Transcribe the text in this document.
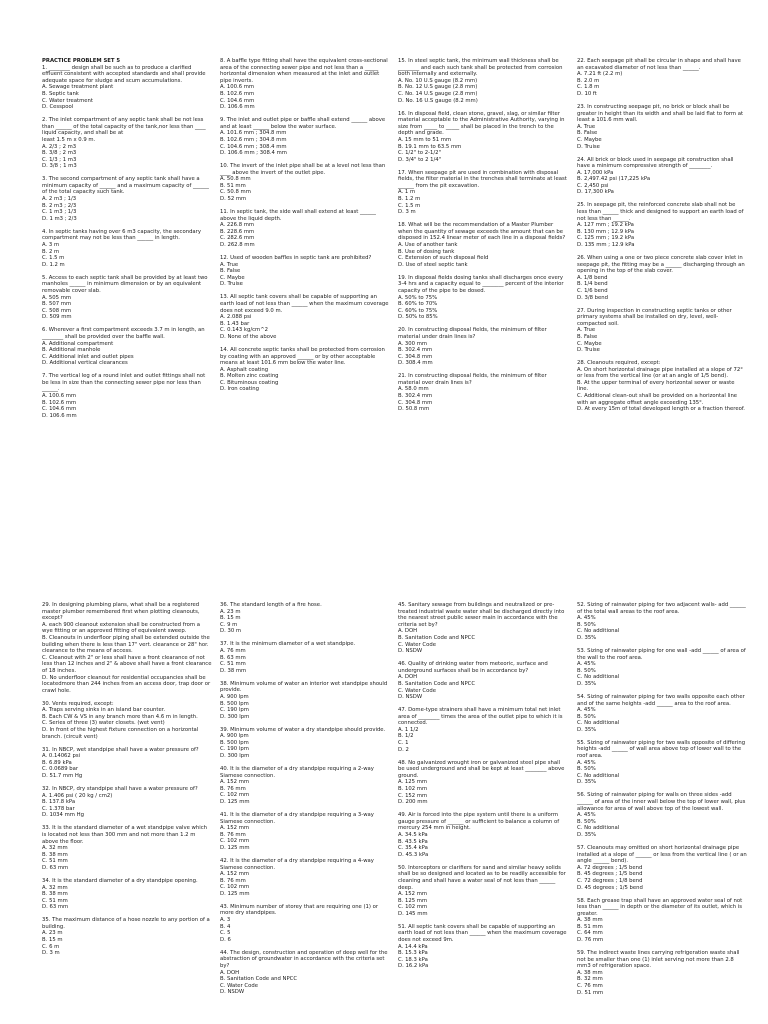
PRACTICE PROBLEM SET 5
1. ________ design shall be such as to produce a clarified effluent consistent with accepted standards and shall provide adequate space for sludge and scum accumulations.
A. Sewage treatment plant
B. Septic tank
C. Water treatment
D. Cesspool
2. The inlet compartment of any septic tank shall be not less than ______ of the total capacity of the tank,nor less than ____ liquid capacity, and shall be at
least 1.5 m x 0.9 m.
A. 2/3 ; 2 m3
B. 3/8 ; 2 m3
C. 1/3 ; 1 m3
D. 3/8 ; 1 m3
3. The second compartment of any septic tank shall have a minimum capacity of ______ and a maximum capacity of ______ of the total capacity such tank.
A. 2 m3 ; 1/3
B. 2 m3 ; 2/3
C. 1 m3 ; 1/3
D. 1 m3 ; 2/3
4. In septic tanks having over 6 m3 capacity, the secondary compartment may not be less than ______ in length.
A. 3 m
B. 2 m
C. 1.5 m
D. 1.2 m
5. Access to each septic tank shall be provided by at least two manholes ______ in minimum dimension or by an equivalent removable cover slab.
A. 505 mm
B. 507 mm
C. 508 mm
D. 509 mm
6. Wherever a first compartment exceeds 3.7 m in length, an ________ shall be provided over the baffle wall.
A. Additional compartment
B. Additional manhole
C. Additional inlet and outlet pipes
D. Additional vertical clearances
7. The vertical leg of a round inlet and outlet fittings shall not be less in size than the connecting sewer pipe nor less than ______.
A. 100.6 mm
B. 102.6 mm
C. 104.6 mm
D. 106.6 mm
8. A baffle type fitting shall have the equivalent cross-sectional area of the connecting sewer pipe and not less than a _____ horizontal dimension when measured at the inlet and outlet pipe inverts.
A. 100.6 mm
B. 102.6 mm
C. 104.6 mm
D. 106.6 mm
9. The inlet and outlet pipe or baffle shall extend ______ above and at least ______ below the water surface.
A. 101.6 mm ; 304.8 mm
B. 102.6 mm ; 304.8 mm
C. 104.6 mm ; 308.4 mm
D. 106.6 mm ; 308.4 mm
10. The invert of the inlet pipe shall be at a level not less than ____ above the invert of the outlet pipe.
A. 50.8 mm
B. 51 mm
C. 50.8 mm
D. 52 mm
11. In septic tank, the side wall shall extend at least ______ above the liquid depth.
A. 226.8 mm
B. 228.6 mm
C. 282.6 mm
D. 262.8 mm
12. Used of wooden baffles in septic tank are prohibited?
A. True
B. False
C. Maybe
D. Truise
13. All septic tank covers shall be capable of supporting an earth load of not less than ______ when the maximum coverage does not exceed 9.0 m.
A. 2.088 psi
B. 1.43 bar
C. 0.143 kg/cm^2
D. None of the above
14. All concrete septic tanks shall be protected from corrosion by coating with an approved ______ or by other acceptable means at least 101.6 mm below the water line.
A. Asphalt coating
B. Molten zinc coating
C. Bituminous coating
D. Iron coating
15. In steel septic tank, the minimum wall thickness shall be ________ and each such tank shall be protected from corrosion both internally and externally.
A. No. 10 U.S gauge (8.2 mm)
B. No. 12 U.S gauge (2.8 mm)
C. No. 14 U.S gauge (2.8 mm)
D. No. 16 U.S gauge (8.2 mm)
16. In disposal field, clean stone, gravel, slag, or similar filter material acceptable to the Administrative Authority, varying in size from _____ to _____ shall be placed in the trench to the depth and grade.
A. 15 mm to 51 mm
B. 19.1 mm to 63.5 mm
C. 1/2" to 2-1/2"
D. 3/4" to 2 1/4"
17. When seepage pit are used in combination with disposal fields, the filter material in the trenches shall terminate at least ______ from the pit excavation.
A. 1 m
B. 1.2 m
C. 1.5 m
D. 3 m
18. What will be the recommendation of a Master Plumber when the quantity of sewage exceeds the amount that can be disposed in 152.4 linear meter of each line in a disposal fields?
A. Use of another tank
B. Use of dosing tank
C. Extension of such disposal field
D. Use of steel septic tank
19. In disposal fields dosing tanks shall discharges once every 3-4 hrs and a capacity equal to ________ percent of the interior capacity of the pipe to be dosed.
A. 50% to 75%
B. 60% to 70%
C. 60% to 75%
D. 50% to 85%
20. In constructing disposal fields, the minimum of filter material under drain lines is?
A. 300 mm
B. 302.4 mm
C. 304.8 mm
D. 308.4 mm
21. In constructing disposal fields, the minimum of filter material over drain lines is?
A. 58.0 mm
B. 302.4 mm
C. 304.8 mm
D. 50.8 mm
22. Each seepage pit shall be circular in shape and shall have an excavated diameter of not less than ______.
A. 7.21 ft (2.2 m)
B. 2.0 m
C. 1.8 m
D. 10 ft
23. In constructing seepage pit, no brick or block shall be greater in height than its width and shall be laid flat to form at least a 101.6 mm wall.
A. True
B. False
C. Maybe
D. Truise
24. All brick or block used in seepage pit construction shall have a minimum compressive strength of ________.
A. 17,000 kPa
B. 2,497.42 psi (17,225 kPa
C. 2,450 psi
D. 17,300 kPa
25. In seepage pit, the reinforced concrete slab shall not be less than ______ thick and designed to support an earth load of not less than ______.
A. 127 mm ; 19.2 kPa
B. 130 mm ; 12.9 kPa
C. 125 mm ; 19.2 kPa
D. 135 mm ; 12.9 kPa
26. When using a one or two piece concrete slab cover inlet in seepage pit, the fitting may be a ______ discharging through an opening in the top of the slab cover.
A. 1/8 bend
B. 1/4 bend
C. 1/6 bend
D. 3/8 bend
27. During inspection in constructing septic tanks or other primary systems shall be installed on dry, level, well-compacted soil.
A. True
B. False
C. Maybe
D. Truise
28. Cleanouts required, except:
A. On short horizontal drainage pipe installed at a slope of 72° or less from the vertical line (or at an angle of 1/5 bend).
B. At the upper terminal of every horizontal sewer or waste line.
C. Additional clean-out shall be provided on a horizontal line with an aggregate offset angle exceeding 135°.
D. At every 15m of total developed length or a fraction thereof.
29. In designing plumbing plans, what shall be a registered master plumber remembered first when plotting cleanouts, except?
A. each 900 cleanout extension shall be constructed from a wye fitting or an approved fitting of equivalent sweep.
B. Cleanouts in underfloor piping shall be extended outside the building when there is less than 17" vert. clearance or 28" hor. clearance to the means of access.
C. Cleanout with 2" or less shall have a front clearance of not less than 12 inches and 2" & above shall have a front clearance of 18 inches.
D. No underfloor cleanout for residential occupancies shall be locatedmore than 244 inches from an access door, trap door or crawl hole.
30. Vents required, except:
A. Traps serving sinks in an island bar counter.
B. Each CW & VS in any branch more than 4.6 m in length.
C. Series of three (3) water closets. (wet vent)
D. In front of the highest fixture connection on a horizontal branch. (circuit vent)
31. In NBCP, wet standpipe shall have a water pressure of?
A. 0.14062 psi
B. 6.89 kPa
C. 0.0689 bar
D. 51.7 mm Hg
32. In NBCP, dry standpipe shall have a water pressure of?
A. 1.406 psi ( 20 kg / cm2)
B. 137.8 kPa
C. 1.378 bar
D. 1034 mm Hg
33. It is the standard diameter of a wet standpipe valve which is located not less than 300 mm and not more than 1.2 m above the floor.
A. 32 mm
B. 38 mm
C. 51 mm
D. 63 mm
34. It is the standard diameter of a dry standpipe opening.
A. 32 mm
B. 38 mm
C. 51 mm
D. 63 mm
35. The maximum distance of a hose nozzle to any portion of a building.
A. 23 m
B. 15 m
C. 6 m
D. 3 m
36. The standard length of a fire hose.
A. 23 m
B. 15 m
C. 9 m
D. 30 m
37. It is the minimum diameter of a wet standpipe.
A. 76 mm
B. 63 mm
C. 51 mm
D. 38 mm
38. Minimum volume of water an interior wet standpipe should provide.
A. 900 lpm
B. 500 lpm
C. 190 lpm
D. 300 lpm
39. Minimum volume of water a dry standpipe should provide.
A. 900 lpm
B. 500 lpm
C. 190 lpm
D. 300 lpm
40. It is the diameter of a dry standpipe requiring a 2-way Siamese connection.
A. 152 mm
B. 76 mm
C. 102 mm
D. 125 mm
41. It is the diameter of a dry standpipe requiring a 3-way Siamese connection.
A. 152 mm
B. 76 mm
C. 102 mm
D. 125 mm
42. It is the diameter of a dry standpipe requiring a 4-way Siamese connection.
A. 152 mm
B. 76 mm
C. 102 mm
D. 125 mm
43. Minimum number of storey that are requiring one (1) or more dry standpipes.
A. 3
B. 4
C. 5
D. 6
44. The design, construction and operation of deep well for the abstraction of groundwater in accordance with the criteria set by?
A. DOH
B. Sanitation Code and NPCC
C. Water Code
D. NSDW
45. Sanitary sewage from buildings and neutralized or pre-treated industrial waste water shall be discharged directly into the nearest street public sewer main in accordance with the criteria set by?
A. DOH
B. Sanitation Code and NPCC
C. Water Code
D. NSDW
46. Quality of drinking water from meteoric, surface and underground surfaces shall be in accordance by?
A. DOH
B. Sanitation Code and NPCC
C. Water Code
D. NSDW
47. Dome-type strainers shall have a minimum total net inlet area of ________ times the area of the outlet pipe to which it is connected.
A. 1 1/2
B. 1/2
C. 1
D. 2
48. No galvanized wrought iron or galvanized steel pipe shall be used underground and shall be kept at least ________ above ground.
A. 125 mm
B. 102 mm
C. 152 mm
D. 200 mm
49. Air is forced into the pipe system until there is a uniform gauge pressure of ______ or sufficient to balance a column of mercury 254 mm in height.
A. 34.5 kPa
B. 43.5 kPa
C. 35.4 kPa
D. 45.3 kPa
50. Interceptors or clarifiers for sand and similar heavy solids shall be so designed and located as to be readily accessible for cleaning and shall have a water seal of not less than ______ deep.
A. 152 mm
B. 125 mm
C. 102 mm
D. 145 mm
51. All septic tank covers shall be capable of supporting an earth load of not less than ______ when the maximum coverage does not exceed 9m.
A. 14.4 kPa
B. 15.3 kPa
C. 18.3 kPa
D. 16.2 kPa
52. Sizing of rainwater piping for two adjacent walls- add ______ of the total wall areas to the roof area.
A. 45%
B. 50%
C. No additional
D. 35%
53. Sizing of rainwater piping for one wall -add ______ of area of the wall to the roof area.
A. 45%
B. 50%
C. No additional
D. 35%
54. Sizing of rainwater piping for two walls opposite each other and of the same heights -add ______ area to the roof area.
A. 45%
B. 50%
C. No additional
D. 35%
55. Sizing of rainwater piping for two walls opposite of differing heights -add ______ of wall area above top of lower wall to the roof area.
A. 45%
B. 50%
C. No additional
D. 35%
56. Sizing of rainwater piping for walls on three sides -add ______ of area of the inner wall below the top of lower wall, plus allowance for area of wall above top of the lowest wall.
A. 45%
B. 50%
C. No additional
D. 35%
57. Cleanouts may omitted on short horizontal drainage pipe installed at a slope of ______ or less from the vertical line ( or an angle ______ bend).
A. 72 degrees ; 1/5 bend
B. 45 degrees ; 1/5 bend
C. 72 degrees ; 1/8 bend
D. 45 degrees ; 1/5 bend
58. Each grease trap shall have an approved water seal of not less than ______ in depth or the diameter of its outlet, which is greater.
A. 38 mm
B. 51 mm
C. 64 mm
D. 76 mm
59. The indirect waste lines carrying refrigeration waste shall not be smaller than one (1) inlet serving not more than 2.8 mm3 of refrigeration space.
A. 38 mm
B. 32 mm
C. 76 mm
D. 51 mm
